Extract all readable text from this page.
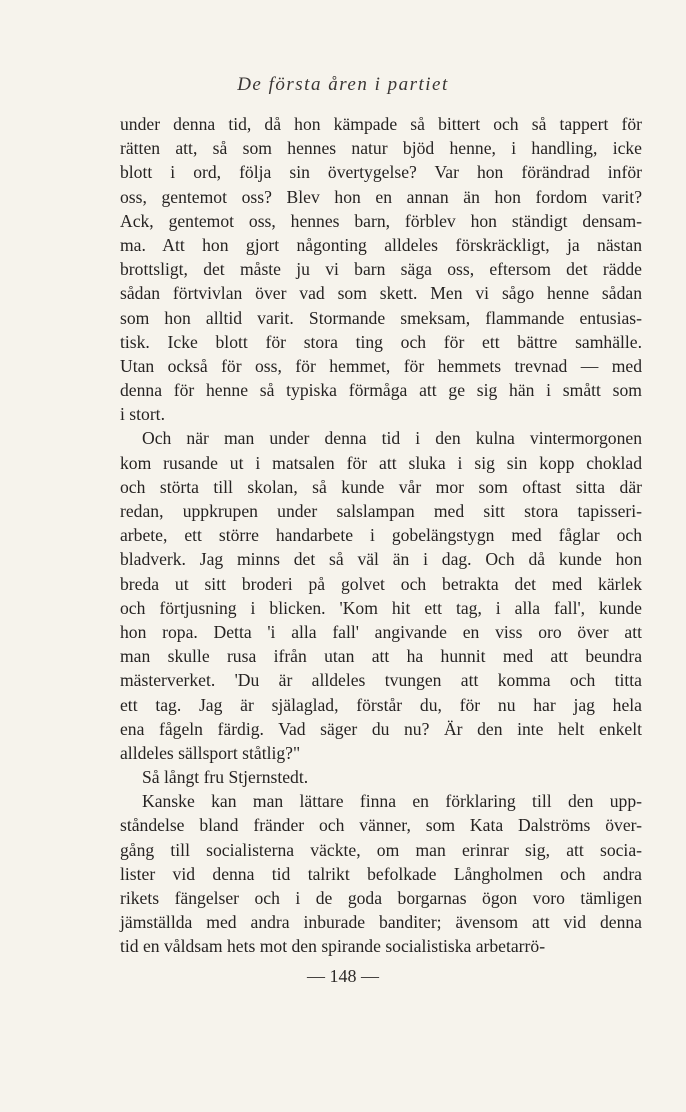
De första åren i partiet
under denna tid, då hon kämpade så bittert och så tappert för
rätten att, så som hennes natur bjöd henne, i handling, icke
blott i ord, följa sin övertygelse? Var hon förändrad inför
oss, gentemot oss? Blev hon en annan än hon fordom varit?
Ack, gentemot oss, hennes barn, förblev hon ständigt densam-
ma. Att hon gjort någonting alldeles förskräckligt, ja nästan
brottsligt, det måste ju vi barn säga oss, eftersom det rädde
sådan förtvivlan över vad som skett. Men vi sågo henne sådan
som hon alltid varit. Stormande smeksam, flammande entusias-
tisk. Icke blott för stora ting och för ett bättre samhälle.
Utan också för oss, för hemmet, för hemmets trevnad — med
denna för henne så typiska förmåga att ge sig hän i smått som
i stort.
Och när man under denna tid i den kulna vintermorgonen
kom rusande ut i matsalen för att sluka i sig sin kopp choklad
och störta till skolan, så kunde vår mor som oftast sitta där
redan, uppkrupen under salslampan med sitt stora tapisseri-
arbete, ett större handarbete i gobelängstygn med fåglar och
bladverk. Jag minns det så väl än i dag. Och då kunde hon
breda ut sitt broderi på golvet och betrakta det med kärlek
och förtjusning i blicken. 'Kom hit ett tag, i alla fall', kunde
hon ropa. Detta 'i alla fall' angivande en viss oro över att
man skulle rusa ifrån utan att ha hunnit med att beundra
mästerverket. 'Du är alldeles tvungen att komma och titta
ett tag. Jag är själaglad, förstår du, för nu har jag hela
ena fågeln färdig. Vad säger du nu? Är den inte helt enkelt
alldeles sällsport ståtlig?"
Så långt fru Stjernstedt.
Kanske kan man lättare finna en förklaring till den upp-
ståndelse bland fränder och vänner, som Kata Dalströms över-
gång till socialisterna väckte, om man erinrar sig, att socia-
lister vid denna tid talrikt befolkade Långholmen och andra
rikets fängelser och i de goda borgarnas ögon voro tämligen
jämställda med andra inburade banditer; ävensom att vid denna
tid en våldsam hets mot den spirande socialistiska arbetarrö-
— 148 —
